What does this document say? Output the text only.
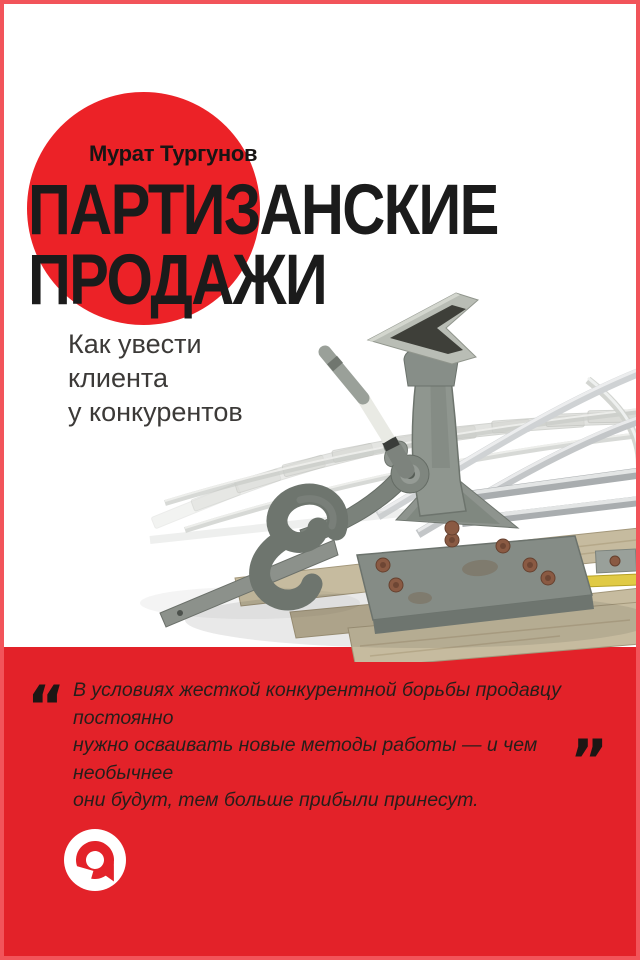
Мурат Тургунов
ПАРТИЗАНСКИЕ
ПРОДАЖИ
Как увести
клиента
у конкурентов
“ В условиях жесткой конкурентной борьбы продавцу постоянно
нужно осваивать новые методы работы — и чем необычнее
они будут, тем больше прибыли принесут.
”
